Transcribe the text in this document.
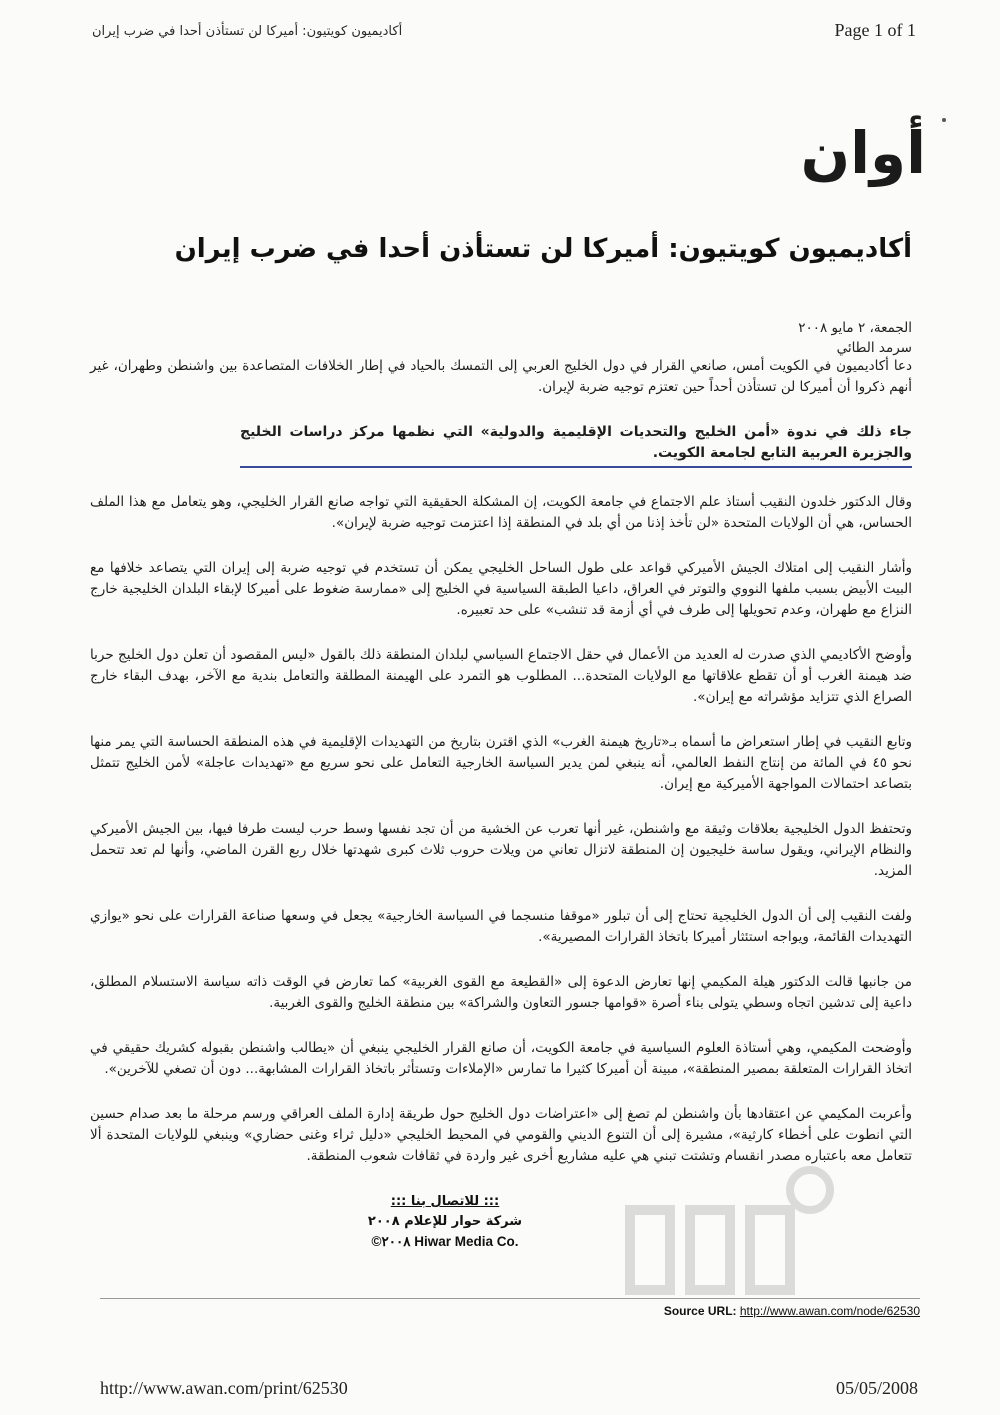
أكاديميون كويتيون: أميركا لن تستأذن أحدا في ضرب إيران	Page 1 of 1
أوان
أكاديميون كويتيون: أميركا لن تستأذن أحدا في ضرب إيران
الجمعة، ٢ مايو ٢٠٠٨
سرمد الطائي

دعا أكاديميون في الكويت أمس، صانعي القرار في دول الخليج العربي إلى التمسك بالحياد في إطار الخلافات المتصاعدة بين واشنطن وطهران، غير أنهم ذكروا أن أميركا لن تستأذن أحداً حين تعتزم توجيه ضربة لإيران.

جاء ذلك في ندوة «أمن الخليج والتحديات الإقليمية والدولية» التي نظمها مركز دراسات الخليج والجزيرة العربية التابع لجامعة الكويت.

وقال الدكتور خلدون النقيب أستاذ علم الاجتماع في جامعة الكويت، إن المشكلة الحقيقية التي تواجه صانع القرار الخليجي، وهو يتعامل مع هذا الملف الحساس، هي أن الولايات المتحدة «لن تأخذ إذنا من أي بلد في المنطقة إذا اعتزمت توجيه ضربة لإيران».

وأشار النقيب إلى امتلاك الجيش الأميركي قواعد على طول الساحل الخليجي يمكن أن تستخدم في توجيه ضربة إلى إيران التي يتصاعد خلافها مع البيت الأبيض بسبب ملفها النووي والتوتر في العراق، داعيا الطبقة السياسية في الخليج إلى «ممارسة ضغوط على أميركا لإبقاء البلدان الخليجية خارج النزاع مع طهران، وعدم تحويلها إلى طرف في أي أزمة قد تنشب» على حد تعبيره.

وأوضح الأكاديمي الذي صدرت له العديد من الأعمال في حقل الاجتماع السياسي لبلدان المنطقة ذلك بالقول «ليس المقصود أن تعلن دول الخليج حربا ضد هيمنة الغرب أو أن تقطع علاقاتها مع الولايات المتحدة... المطلوب هو التمرد على الهيمنة المطلقة والتعامل بندية مع الآخر، بهدف البقاء خارج الصراع الذي تتزايد مؤشراته مع إيران».

وتابع النقيب في إطار استعراض ما أسماه بـ«تاريخ هيمنة الغرب» الذي اقترن بتاريخ من التهديدات الإقليمية في هذه المنطقة الحساسة التي يمر منها نحو ٤٥ في المائة من إنتاج النفط العالمي، أنه ينبغي لمن يدير السياسة الخارجية التعامل على نحو سريع مع «تهديدات عاجلة» لأمن الخليج تتمثل بتصاعد احتمالات المواجهة الأميركية مع إيران.

وتحتفظ الدول الخليجية بعلاقات وثيقة مع واشنطن، غير أنها تعرب عن الخشية من أن تجد نفسها وسط حرب ليست طرفا فيها، بين الجيش الأميركي والنظام الإيراني، ويقول ساسة خليجيون إن المنطقة لاتزال تعاني من ويلات حروب ثلاث كبرى شهدتها خلال ربع القرن الماضي، وأنها لم تعد تتحمل المزيد.

ولفت النقيب إلى أن الدول الخليجية تحتاج إلى أن تبلور «موقفا منسجما في السياسة الخارجية» يجعل في وسعها صناعة القرارات على نحو «يوازي التهديدات القائمة، ويواجه استئثار أميركا باتخاذ القرارات المصيرية».

من جانبها قالت الدكتور هيلة المكيمي إنها تعارض الدعوة إلى «القطيعة مع القوى الغربية» كما تعارض في الوقت ذاته سياسة الاستسلام المطلق، داعية إلى تدشين اتجاه وسطي يتولى بناء أصرة «قوامها جسور التعاون والشراكة» بين منطقة الخليج والقوى الغربية.

وأوضحت المكيمي، وهي أستاذة العلوم السياسية في جامعة الكويت، أن صانع القرار الخليجي ينبغي أن «يطالب واشنطن بقبوله كشريك حقيقي في اتخاذ القرارات المتعلقة بمصير المنطقة»، مبينة أن أميركا كثيرا ما تمارس «الإملاءات وتستأثر باتخاذ القرارات المشابهة... دون أن تصغي للآخرين».

وأعربت المكيمي عن اعتقادها بأن واشنطن لم تصغ إلى «اعتراضات دول الخليج حول طريقة إدارة الملف العراقي ورسم مرحلة ما بعد صدام حسين التي انطوت على أخطاء كارثية»، مشيرة إلى أن التنوع الديني والقومي في المحيط الخليجي «دليل ثراء وغنى حضاري» وينبغي للولايات المتحدة ألا تتعامل معه باعتباره مصدر انقسام وتشتت تبني هي عليه مشاريع أخرى غير واردة في ثقافات شعوب المنطقة.

::: للاتصال بنا :::
شركة حوار للإعلام ٢٠٠٨
©٢٠٠٨ Hiwar Media Co.
Source URL: http://www.awan.com/node/62530
http://www.awan.com/print/62530	05/05/2008
